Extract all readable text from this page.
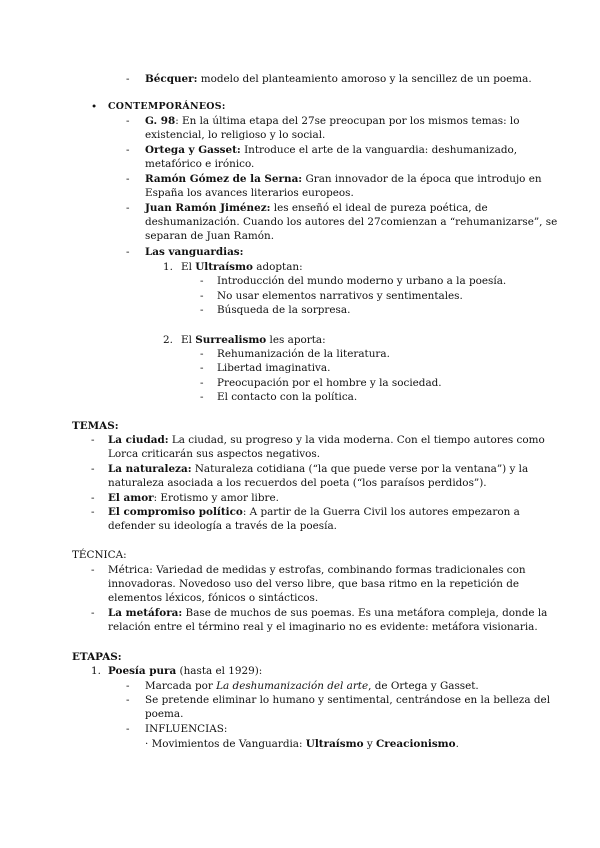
- Bécquer: modelo del planteamiento amoroso y la sencillez de un poema.
• CONTEMPORÁNEOS:
- G. 98: En la última etapa del 27se preocupan por los mismos temas: lo
existencial, lo religioso y lo social.
- Ortega y Gasset: Introduce el arte de la vanguardia: deshumanizado,
metafórico e irónico.
- Ramón Gómez de la Serna: Gran innovador de la época que introdujo en
España los avances literarios europeos.
- Juan Ramón Jiménez: les enseñó el ideal de pureza poética, de
deshumanización. Cuando los autores del 27comienzan a “rehumanizarse”, se
separan de Juan Ramón.
- Las vanguardias:
1. El Ultraísmo adoptan:
- Introducción del mundo moderno y urbano a la poesía.
- No usar elementos narrativos y sentimentales.
- Búsqueda de la sorpresa.
2. El Surrealismo les aporta:
- Rehumanización de la literatura.
- Libertad imaginativa.
- Preocupación por el hombre y la sociedad.
- El contacto con la política.
TEMAS:
- La ciudad: La ciudad, su progreso y la vida moderna. Con el tiempo autores como
Lorca criticarán sus aspectos negativos.
- La naturaleza: Naturaleza cotidiana (“la que puede verse por la ventana”) y la
naturaleza asociada a los recuerdos del poeta (“los paraísos perdidos”).
- El amor: Erotismo y amor libre.
- El compromiso político: A partir de la Guerra Civil los autores empezaron a
defender su ideología a través de la poesía.
TÉCNICA:
- Métrica: Variedad de medidas y estrofas, combinando formas tradicionales con
innovadoras. Novedoso uso del verso libre, que basa ritmo en la repetición de
elementos léxicos, fónicos o sintácticos.
- La metáfora: Base de muchos de sus poemas. Es una metáfora compleja, donde la
relación entre el término real y el imaginario no es evidente: metáfora visionaria.
ETAPAS:
1. Poesía pura (hasta el 1929):
- Marcada por La deshumanización del arte, de Ortega y Gasset.
- Se pretende eliminar lo humano y sentimental, centrándose en la belleza del
poema.
- INFLUENCIAS:
· Movimientos de Vanguardia: Ultraísmo y Creacionismo.
